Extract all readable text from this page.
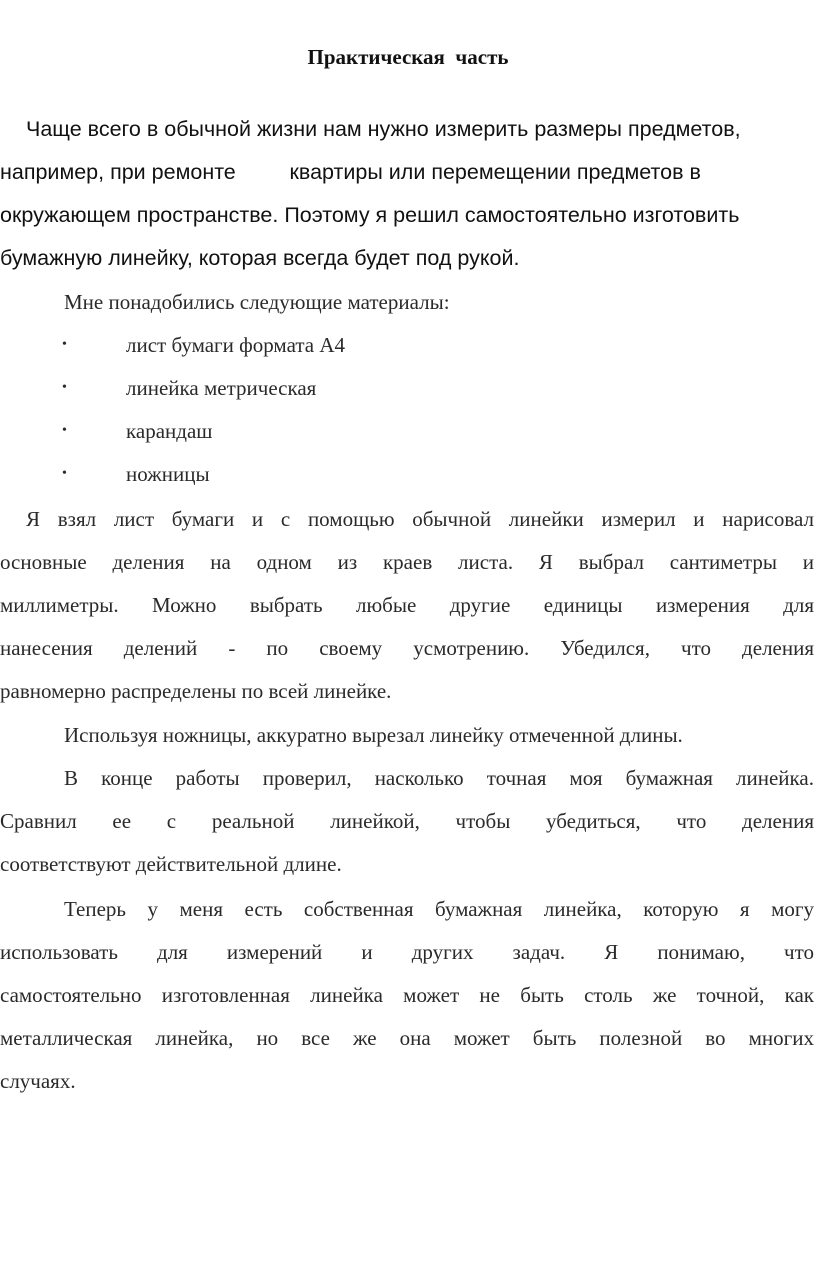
Практическая  часть
Чаще всего в обычной жизни нам нужно измерить размеры предметов,
например, при ремонте         квартиры или перемещении предметов в
окружающем пространстве. Поэтому я решил самостоятельно изготовить
бумажную линейку, которая всегда будет под рукой.
Мне понадобились следующие материалы:
•	лист бумаги формата А4
•	линейка метрическая
•	карандаш
•	ножницы
Я взял лист бумаги и с помощью обычной линейки измерил и нарисовал
основные деления на одном из краев листа. Я выбрал сантиметры и
миллиметры. Можно выбрать любые другие единицы измерения для
нанесения делений - по своему усмотрению. Убедился, что деления
равномерно распределены по всей линейке.
Используя ножницы, аккуратно вырезал линейку отмеченной длины.
В конце работы проверил, насколько точная моя бумажная линейка.
Сравнил ее с реальной линейкой, чтобы убедиться, что деления
соответствуют действительной длине.
Теперь у меня есть собственная бумажная линейка, которую я могу
использовать для измерений и других задач. Я понимаю, что
самостоятельно изготовленная линейка может не быть столь же точной, как
металлическая линейка, но все же она может быть полезной во многих
случаях.
